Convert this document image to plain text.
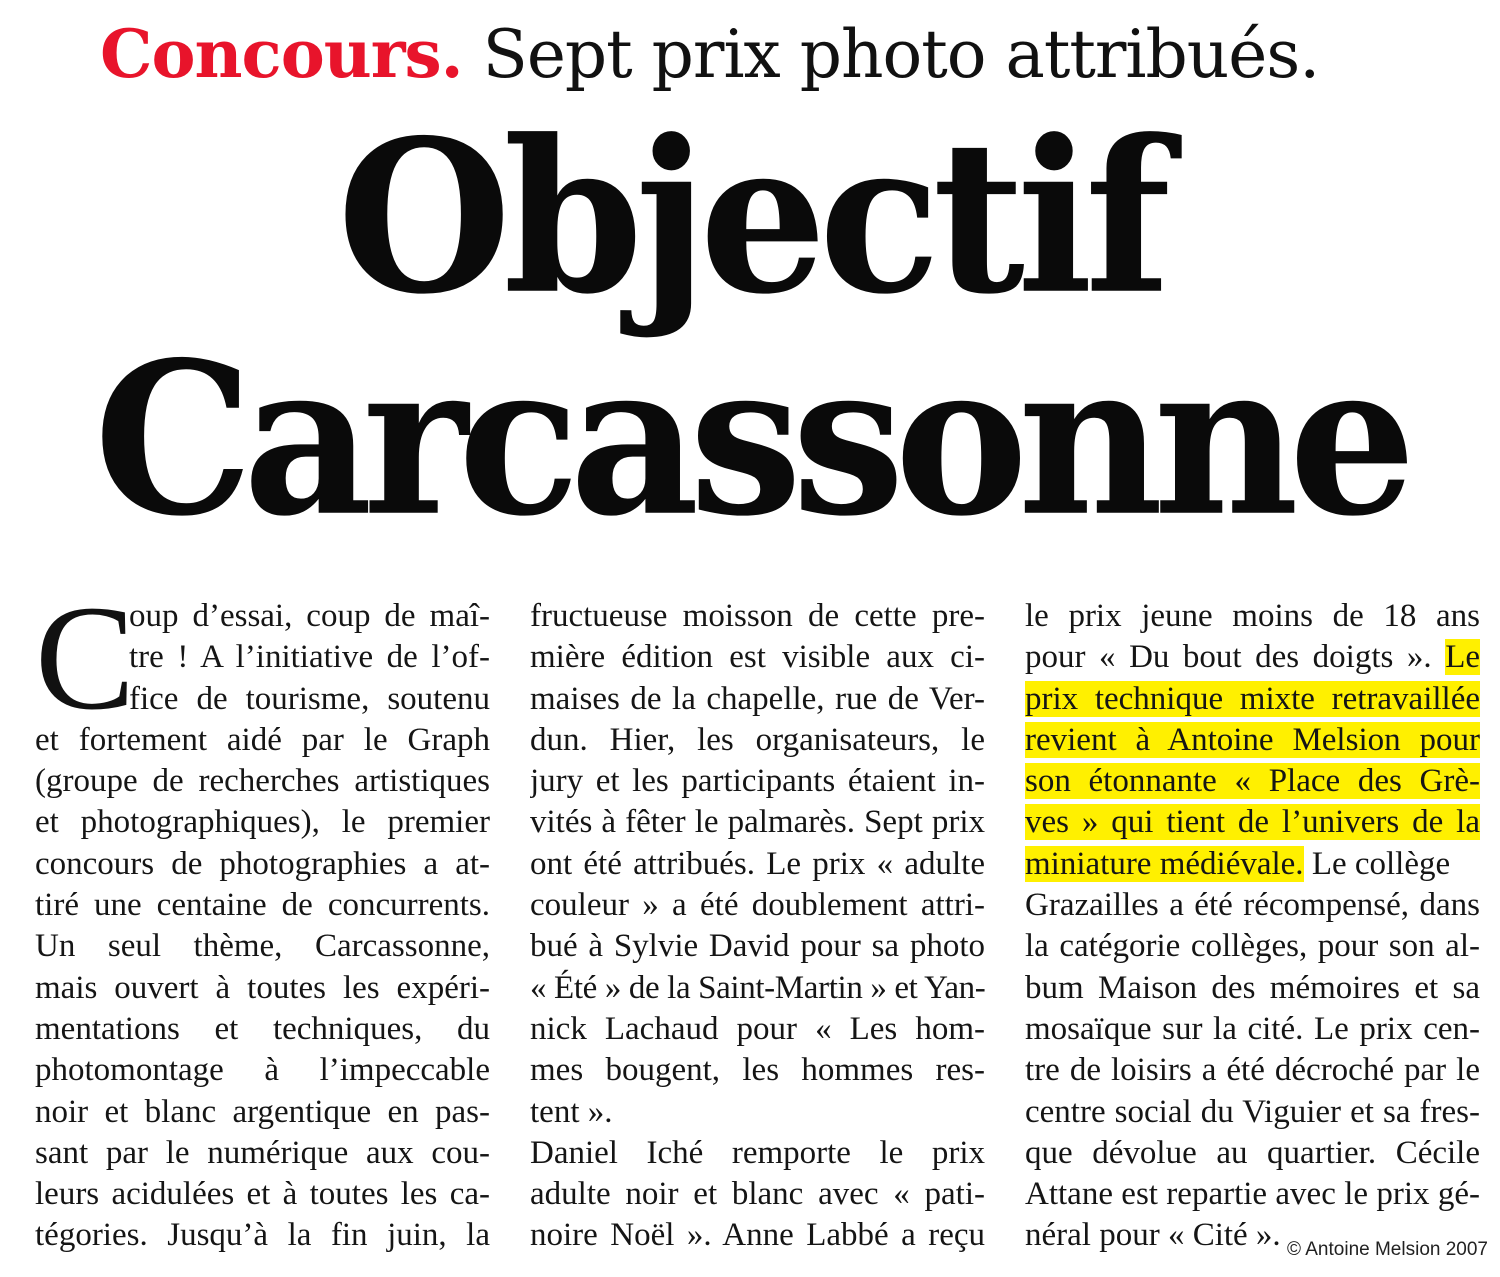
Concours. Sept prix photo attribués.
Objectif
Carcassonne
C
oup d’essai, coup de maî-
tre ! A l’initiative de l’of-
fice de tourisme, soutenu
et fortement aidé par le Graph
(groupe de recherches artistiques
et photographiques), le premier
concours de photographies a at-
tiré une centaine de concurrents.
Un seul thème, Carcassonne,
mais ouvert à toutes les expéri-
mentations et techniques, du
photomontage à l’impeccable
noir et blanc argentique en pas-
sant par le numérique aux cou-
leurs acidulées et à toutes les ca-
tégories. Jusqu’à la fin juin, la
fructueuse moisson de cette pre-
mière édition est visible aux ci-
maises de la chapelle, rue de Ver-
dun. Hier, les organisateurs, le
jury et les participants étaient in-
vités à fêter le palmarès. Sept prix
ont été attribués. Le prix « adulte
couleur » a été doublement attri-
bué à Sylvie David pour sa photo
« Été » de la Saint-Martin » et Yan-
nick Lachaud pour « Les hom-
mes bougent, les hommes res-
tent ».
Daniel Iché remporte le prix
adulte noir et blanc avec « pati-
noire Noël ». Anne Labbé a reçu
le prix jeune moins de 18 ans
pour « Du bout des doigts ». Le
prix technique mixte retravaillée
revient à Antoine Melsion pour
son étonnante « Place des Grè-
ves » qui tient de l’univers de la
miniature médiévale. Le collège
Grazailles a été récompensé, dans
la catégorie collèges, pour son al-
bum Maison des mémoires et sa
mosaïque sur la cité. Le prix cen-
tre de loisirs a été décroché par le
centre social du Viguier et sa fres-
que dévolue au quartier. Cécile
Attane est repartie avec le prix gé-
néral pour « Cité ». © Antoine Melsion 2007
